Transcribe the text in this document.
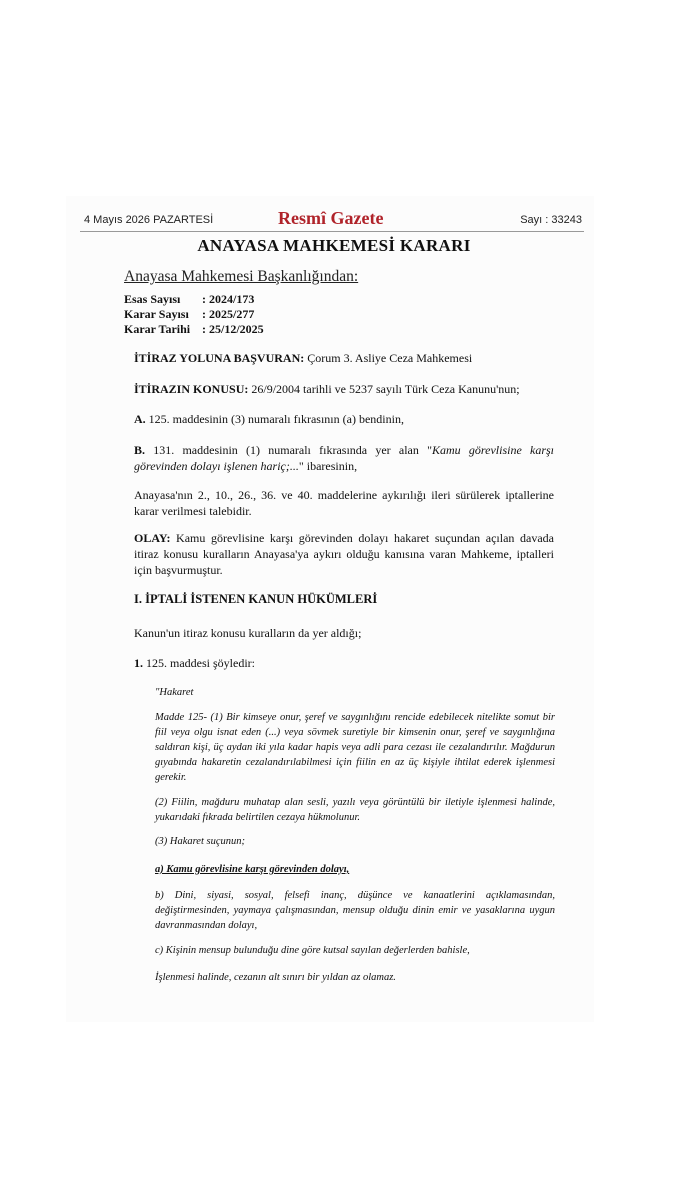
4 Mayıs 2026 PAZARTESİ	Resmî Gazete	Sayı : 33243
ANAYASA MAHKEMESİ KARARI
Anayasa Mahkemesi Başkanlığından:
Esas Sayısı : 2024/173
Karar Sayısı : 2025/277
Karar Tarihi : 25/12/2025

İTİRAZ YOLUNA BAŞVURAN: Çorum 3. Asliye Ceza Mahkemesi

İTİRAZIN KONUSU: 26/9/2004 tarihli ve 5237 sayılı Türk Ceza Kanunu'nun;

A. 125. maddesinin (3) numaralı fıkrasının (a) bendinin,

B. 131. maddesinin (1) numaralı fıkrasında yer alan "Kamu görevlisine karşı görevinden dolayı işlenen hariç;..." ibaresinin,

Anayasa'nın 2., 10., 26., 36. ve 40. maddelerine aykırılığı ileri sürülerek iptallerine karar verilmesi talebidir.

OLAY: Kamu görevlisine karşı görevinden dolayı hakaret suçundan açılan davada itiraz konusu kuralların Anayasa'ya aykırı olduğu kanısına varan Mahkeme, iptalleri için başvurmuştur.

I. İPTALİ İSTENEN KANUN HÜKÜMLERİ

Kanun'un itiraz konusu kuralların da yer aldığı;

1. 125. maddesi şöyledir:

"Hakaret

Madde 125- (1) Bir kimseye onur, şeref ve saygınlığını rencide edebilecek nitelikte somut bir fiil veya olgu isnat eden (...) veya sövmek suretiyle bir kimsenin onur, şeref ve saygınlığına saldıran kişi, üç aydan iki yıla kadar hapis veya adli para cezası ile cezalandırılır. Mağdurun gıyabında hakaretin cezalandırılabilmesi için fiilin en az üç kişiyle ihtilat ederek işlenmesi gerekir.

(2) Fiilin, mağduru muhatap alan sesli, yazılı veya görüntülü bir iletiyle işlenmesi halinde, yukarıdaki fıkrada belirtilen cezaya hükmolunur.

(3) Hakaret suçunun;

a) Kamu görevlisine karşı görevinden dolayı,

b) Dini, siyasi, sosyal, felsefi inanç, düşünce ve kanaatlerini açıklamasından, değiştirmesinden, yaymaya çalışmasından, mensup olduğu dinin emir ve yasaklarına uygun davranmasından dolayı,

c) Kişinin mensup bulunduğu dine göre kutsal sayılan değerlerden bahisle,

İşlenmesi halinde, cezanın alt sınırı bir yıldan az olamaz.
